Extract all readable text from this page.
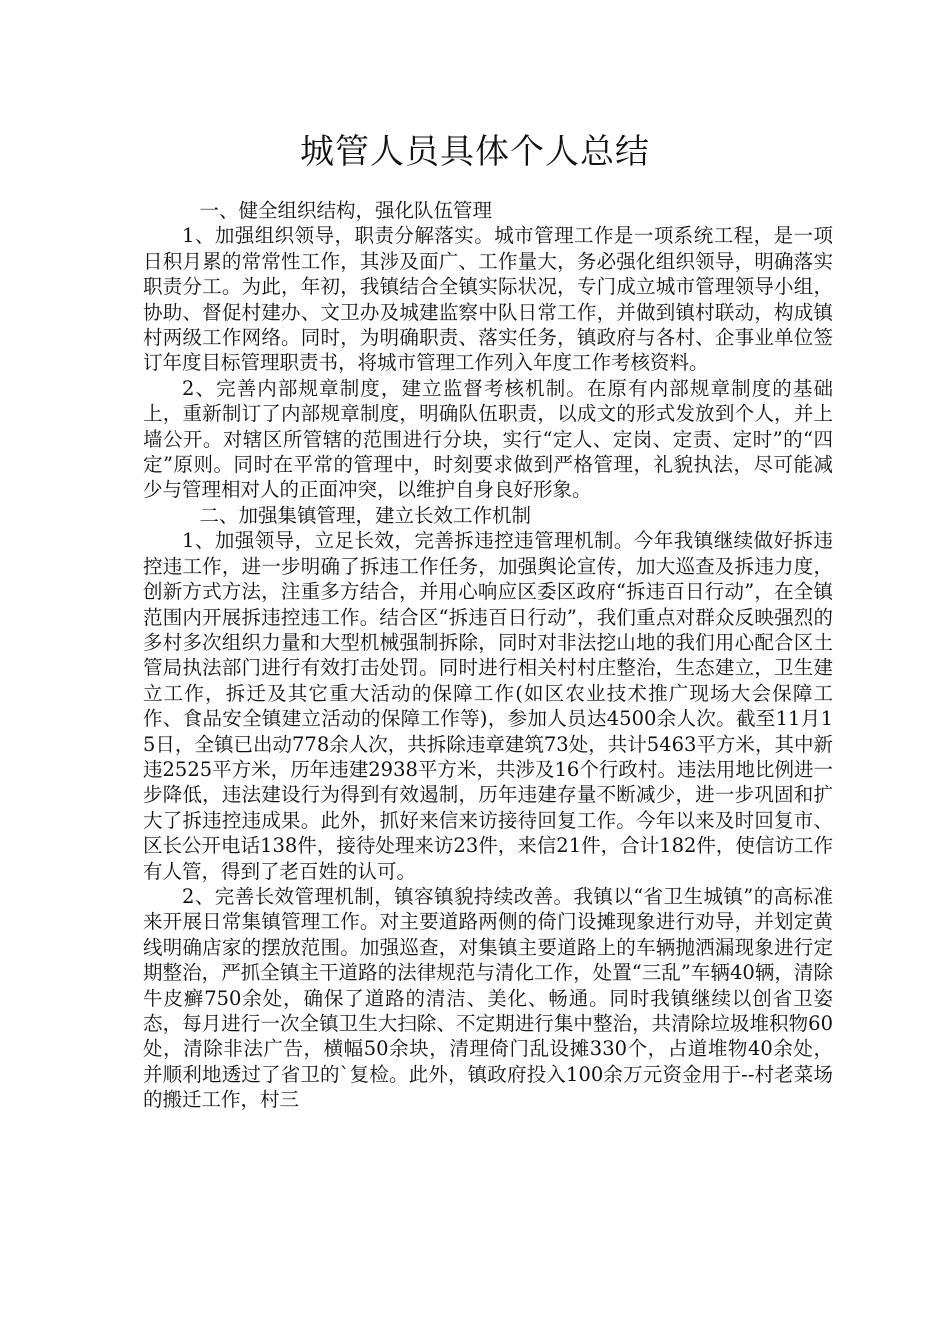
城管人员具体个人总结

一、健全组织结构，强化队伍管理

1、加强组织领导，职责分解落实。城市管理工作是一项系统工程，是一项日积月累的常常性工作，其涉及面广、工作量大，务必强化组织领导，明确落实职责分工。为此，年初，我镇结合全镇实际状况，专门成立城市管理领导小组，协助、督促村建办、文卫办及城建监察中队日常工作，并做到镇村联动，构成镇村两级工作网络。同时，为明确职责、落实任务，镇政府与各村、企事业单位签订年度目标管理职责书，将城市管理工作列入年度工作考核资料。

2、完善内部规章制度，建立监督考核机制。在原有内部规章制度的基础上，重新制订了内部规章制度，明确队伍职责，以成文的形式发放到个人，并上墙公开。对辖区所管辖的范围进行分块，实行“定人、定岗、定责、定时”的“四定”原则。同时在平常的管理中，时刻要求做到严格管理，礼貌执法，尽可能减少与管理相对人的正面冲突，以维护自身良好形象。

二、加强集镇管理，建立长效工作机制

1、加强领导，立足长效，完善拆违控违管理机制。今年我镇继续做好拆违控违工作，进一步明确了拆违工作任务，加强舆论宣传，加大巡查及拆违力度，创新方式方法，注重多方结合，并用心响应区委区政府“拆违百日行动”，在全镇范围内开展拆违控违工作。结合区“拆违百日行动”，我们重点对群众反映强烈的多村多次组织力量和大型机械强制拆除，同时对非法挖山地的我们用心配合区土管局执法部门进行有效打击处罚。同时进行相关村村庄整治，生态建立，卫生建立工作，拆迁及其它重大活动的保障工作(如区农业技术推广现场大会保障工作、食品安全镇建立活动的保障工作等)，参加人员达4500余人次。截至11月15日，全镇已出动778余人次，共拆除违章建筑73处，共计5463平方米，其中新违2525平方米，历年违建2938平方米，共涉及16个行政村。违法用地比例进一步降低，违法建设行为得到有效遏制，历年违建存量不断减少，进一步巩固和扩大了拆违控违成果。此外，抓好来信来访接待回复工作。今年以来及时回复市、区长公开电话138件，接待处理来访23件，来信21件，合计182件，使信访工作有人管，得到了老百姓的认可。

2、完善长效管理机制，镇容镇貌持续改善。我镇以“省卫生城镇”的高标准来开展日常集镇管理工作。对主要道路两侧的倚门设摊现象进行劝导，并划定黄线明确店家的摆放范围。加强巡查，对集镇主要道路上的车辆抛洒漏现象进行定期整治，严抓全镇主干道路的法律规范与清化工作，处置“三乱”车辆40辆，清除牛皮癣750余处，确保了道路的清洁、美化、畅通。同时我镇继续以创省卫姿态，每月进行一次全镇卫生大扫除、不定期进行集中整治，共清除垃圾堆积物60处，清除非法广告，横幅50余块，清理倚门乱设摊330个，占道堆物40余处，并顺利地透过了省卫的`复检。此外，镇政府投入100余万元资金用于--村老菜场的搬迁工作，村三
